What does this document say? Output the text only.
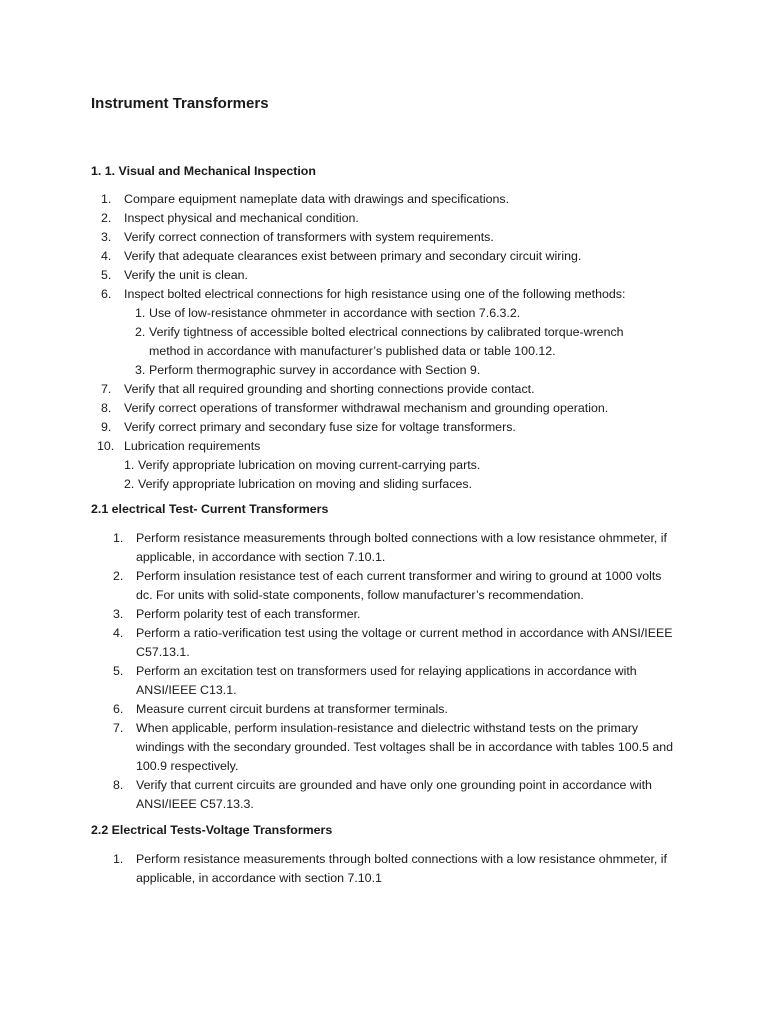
Instrument Transformers
1. 1. Visual and Mechanical Inspection
1. Compare equipment nameplate data with drawings and specifications.
2. Inspect physical and mechanical condition.
3. Verify correct connection of transformers with system requirements.
4. Verify that adequate clearances exist between primary and secondary circuit wiring.
5. Verify the unit is clean.
6. Inspect bolted electrical connections for high resistance using one of the following methods:
1. Use of low-resistance ohmmeter in accordance with section 7.6.3.2.
2. Verify tightness of accessible bolted electrical connections by calibrated torque-wrench method in accordance with manufacturer’s published data or table 100.12.
3. Perform thermographic survey in accordance with Section 9.
7. Verify that all required grounding and shorting connections provide contact.
8. Verify correct operations of transformer withdrawal mechanism and grounding operation.
9. Verify correct primary and secondary fuse size for voltage transformers.
10. Lubrication requirements
1. Verify appropriate lubrication on moving current-carrying parts.
2. Verify appropriate lubrication on moving and sliding surfaces.
2.1 electrical Test- Current Transformers
1. Perform resistance measurements through bolted connections with a low resistance ohmmeter, if applicable, in accordance with section 7.10.1.
2. Perform insulation resistance test of each current transformer and wiring to ground at 1000 volts dc. For units with solid-state components, follow manufacturer’s recommendation.
3. Perform polarity test of each transformer.
4. Perform a ratio-verification test using the voltage or current method in accordance with ANSI/IEEE C57.13.1.
5. Perform an excitation test on transformers used for relaying applications in accordance with ANSI/IEEE C13.1.
6. Measure current circuit burdens at transformer terminals.
7. When applicable, perform insulation-resistance and dielectric withstand tests on the primary windings with the secondary grounded. Test voltages shall be in accordance with tables 100.5 and 100.9 respectively.
8. Verify that current circuits are grounded and have only one grounding point in accordance with ANSI/IEEE C57.13.3.
2.2 Electrical Tests-Voltage Transformers
1. Perform resistance measurements through bolted connections with a low resistance ohmmeter, if applicable, in accordance with section 7.10.1
